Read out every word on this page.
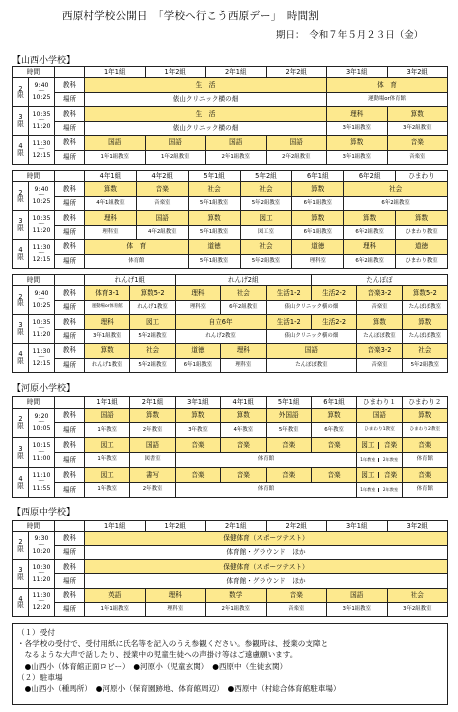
西原村学校公開日　「学校へ行こう西原デー」　時間割
期日：　令和７年５月２３日（金）
【山西小学校】
時間			1年1組	1年2組	2年1組	2年2組	3年1組	3年2組
2
限	9:40
～
10:25	教科	生　活				体　育	
		場所	俵山クリニック横の畑				運動場or体育館	
3
限	10:35
～
11:20	教科	生　活				理科	算数
		場所	俵山クリニック横の畑				3年1組教室	3年2組教室
4
限	11:30
～
12:15	教科	国語	国語	国語	国語	算数	音楽
		場所	1年1組教室	1年2組教室	2年1組教室	2年2組教室	3年1組教室	音楽室
時間			4年1組	4年2組	5年1組	5年2組	6年1組	6年2組	ひまわり
2
限	9:40
～
10:25	教科	算数	音楽	社会	社会	算数	社会	
		場所	4年1組教室	音楽室	5年1組教室	5年2組教室	6年1組教室	6年2組教室	
3
限	10:35
～
11:20	教科	理科	国語	算数	図工	算数	算数	算数
		場所	理科室	4年2組教室	5年1組教室	図工室	6年1組教室	6年2組教室	ひまわり教室
4
限	11:30
～
12:15	教科	体　育		道徳	社会	道徳	理科	道徳
		場所	体育館		5年1組教室	5年2組教室	理科室	6年2組教室	ひまわり教室
時間			れんげ1組		れんげ2組			たんぽぽ		
2
限	9:40
～
10:25	教科	体育3-1	算数5-2	理科	社会	生活1-2	生活2-2	音楽3-2	算数5-2
		場所	運動場or体育館	れんげ1教室	理科室	6年2組教室	俵山クリニック横の畑		音楽室	たんぽぽ教室
3
限	10:35
～
11:20	教科	理科	図工	自立6年		生活1-2	生活2-2	算数	算数
		場所	3年1組教室	5年2組教室	れんげ2教室		俵山クリニック横の畑		たんぽぽ教室	たんぽぽ教室
4
限	11:30
～
12:15	教科	算数	社会	道徳	理科	国語		音楽3-2	社会
		場所	れんげ1教室	5年2組教室	6年1組教室	理科室	たんぽぽ教室		音楽室	5年2組教室
【河原小学校】
時間			1年1組	2年1組	3年1組	4年1組	5年1組	6年1組	ひまわり１	ひまわり２
2
限	9:20
～
10:05	教科	国語	算数	算数	算数	外国語	算数	国語	算数
		場所	1年教室	2年教室	3年教室	4年教室	5年教室	6年教室	ひまわり1教室	ひまわり2教室
3
限	10:15
～
11:00	教科	図工	国語	音楽	音楽	音楽	音楽	図工 音楽	音楽
		場所	1年教室	図書室	体育館				1年教室 2年教室	体育館
4
限	11:10
～
11:55	教科	図工	書写	音楽	音楽	音楽	音楽	図工 音楽	音楽
		場所	1年教室	2年教室	体育館				1年教室 2年教室	体育館
【西原中学校】
時間			1年1組	1年2組	2年1組	2年2組	3年1組	3年2組
2
限	9:30
～
10:20	教科	保健体育（スポーツテスト）					
		場所	体育館・グラウンド　ほか					
3
限	10:30
～
11:20	教科	保健体育（スポーツテスト）					
		場所	体育館・グラウンド　ほか					
4
限	11:30
～
12:20	教科	英語	理科	数学	音楽	国語	社会
		場所	1年1組教室	理科室	2年1組教室	音楽室	3年1組教室	3年2組教室
（１）受付
・各学校の受付で、受付用紙に氏名等を記入のうえ参観ください。参観時は、授業の支障と
　なるような大声で話したり、授業中の児童生徒への声掛け等はご遠慮願います。
　●山西小（体育館正面ロビー）　●河原小（児童玄関）　●西原中（生徒玄関）
（２）駐車場
　●山西小（種馬所）　●河原小（保育園跡地、体育館周辺）　●西原中（村総合体育館駐車場）
